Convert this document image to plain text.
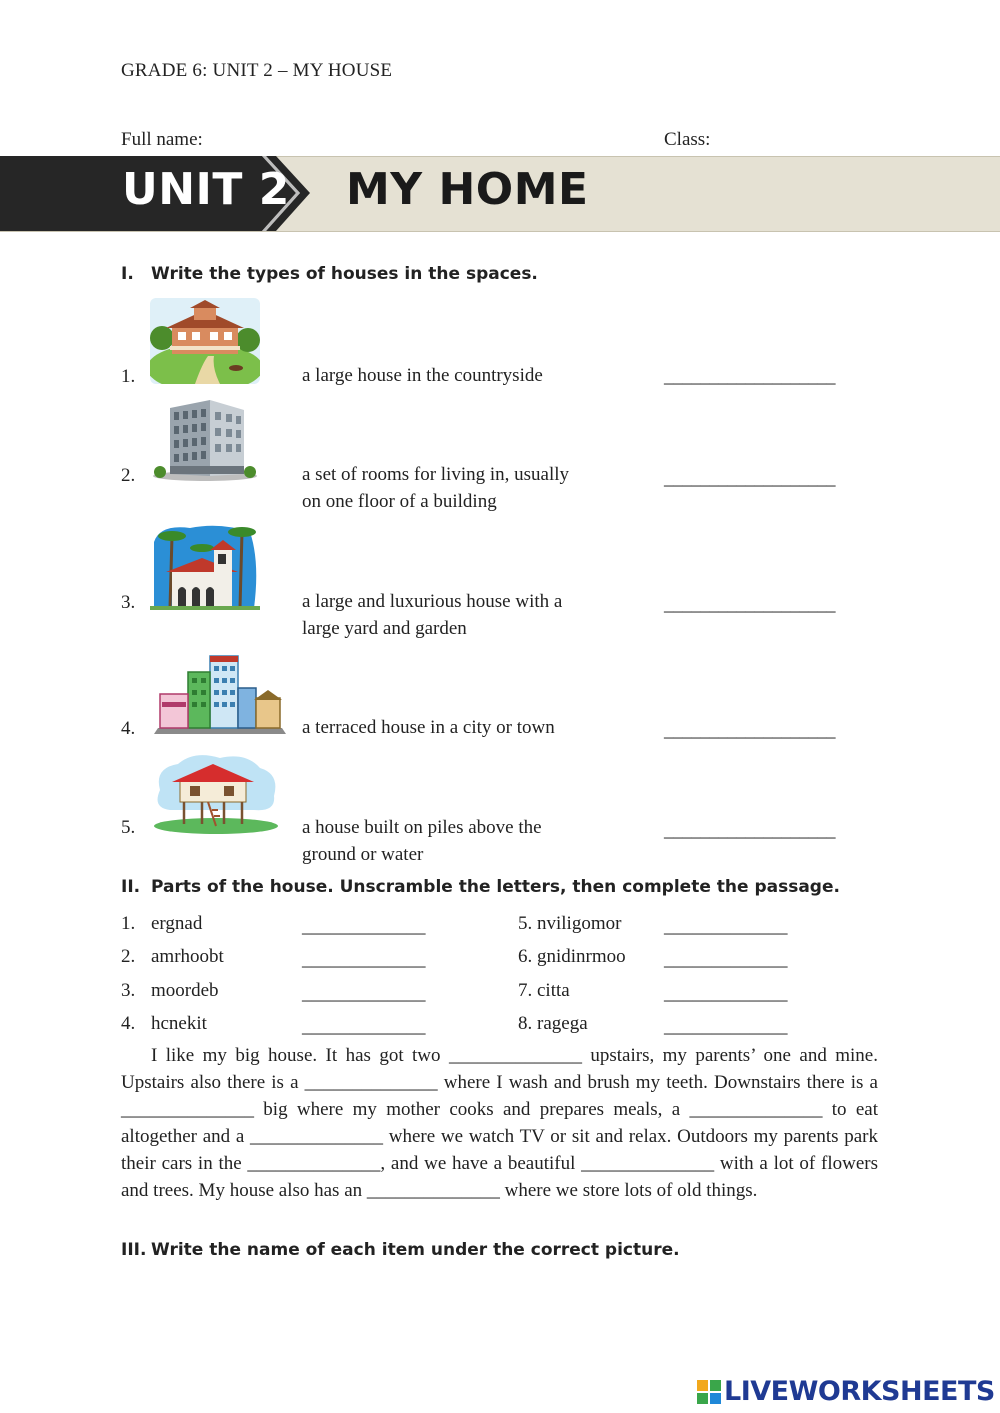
GRADE 6: UNIT 2 – MY HOUSE
Full name:	Class:
UNIT 2 MY HOME
I. Write the types of houses in the spaces.
1.	a large house in the countryside	___________________
2.	a set of rooms for living in, usually
on one floor of a building
___________________
3.	a large and luxurious house with a
large yard and garden
___________________
4.	a terraced house in a city or town	___________________
5.	a house built on piles above the
ground or water
___________________
II. Parts of the house. Unscramble the letters, then complete the passage.
1. ergnad	_____________
2. amrhoobt	_____________
3. moordeb	_____________
4. hcnekit	_____________
5. nviligomor _____________
6. gnidinrmoo _____________
7. citta	_____________
8. ragega	_____________
I like my big house. It has got two ______________ upstairs, my parents’ one and mine. Upstairs also there is a ______________ where I wash and brush my teeth. Downstairs there is a ______________ big where my mother cooks and prepares meals, a ______________ to eat altogether and a ______________ where we watch TV or sit and relax. Outdoors my parents park their cars in the ______________, and we have a beautiful ______________ with a lot of flowers and trees. My house also has an ______________ where we store lots of old things.
III. Write the name of each item under the correct picture.
LIVEWORKSHEETS
